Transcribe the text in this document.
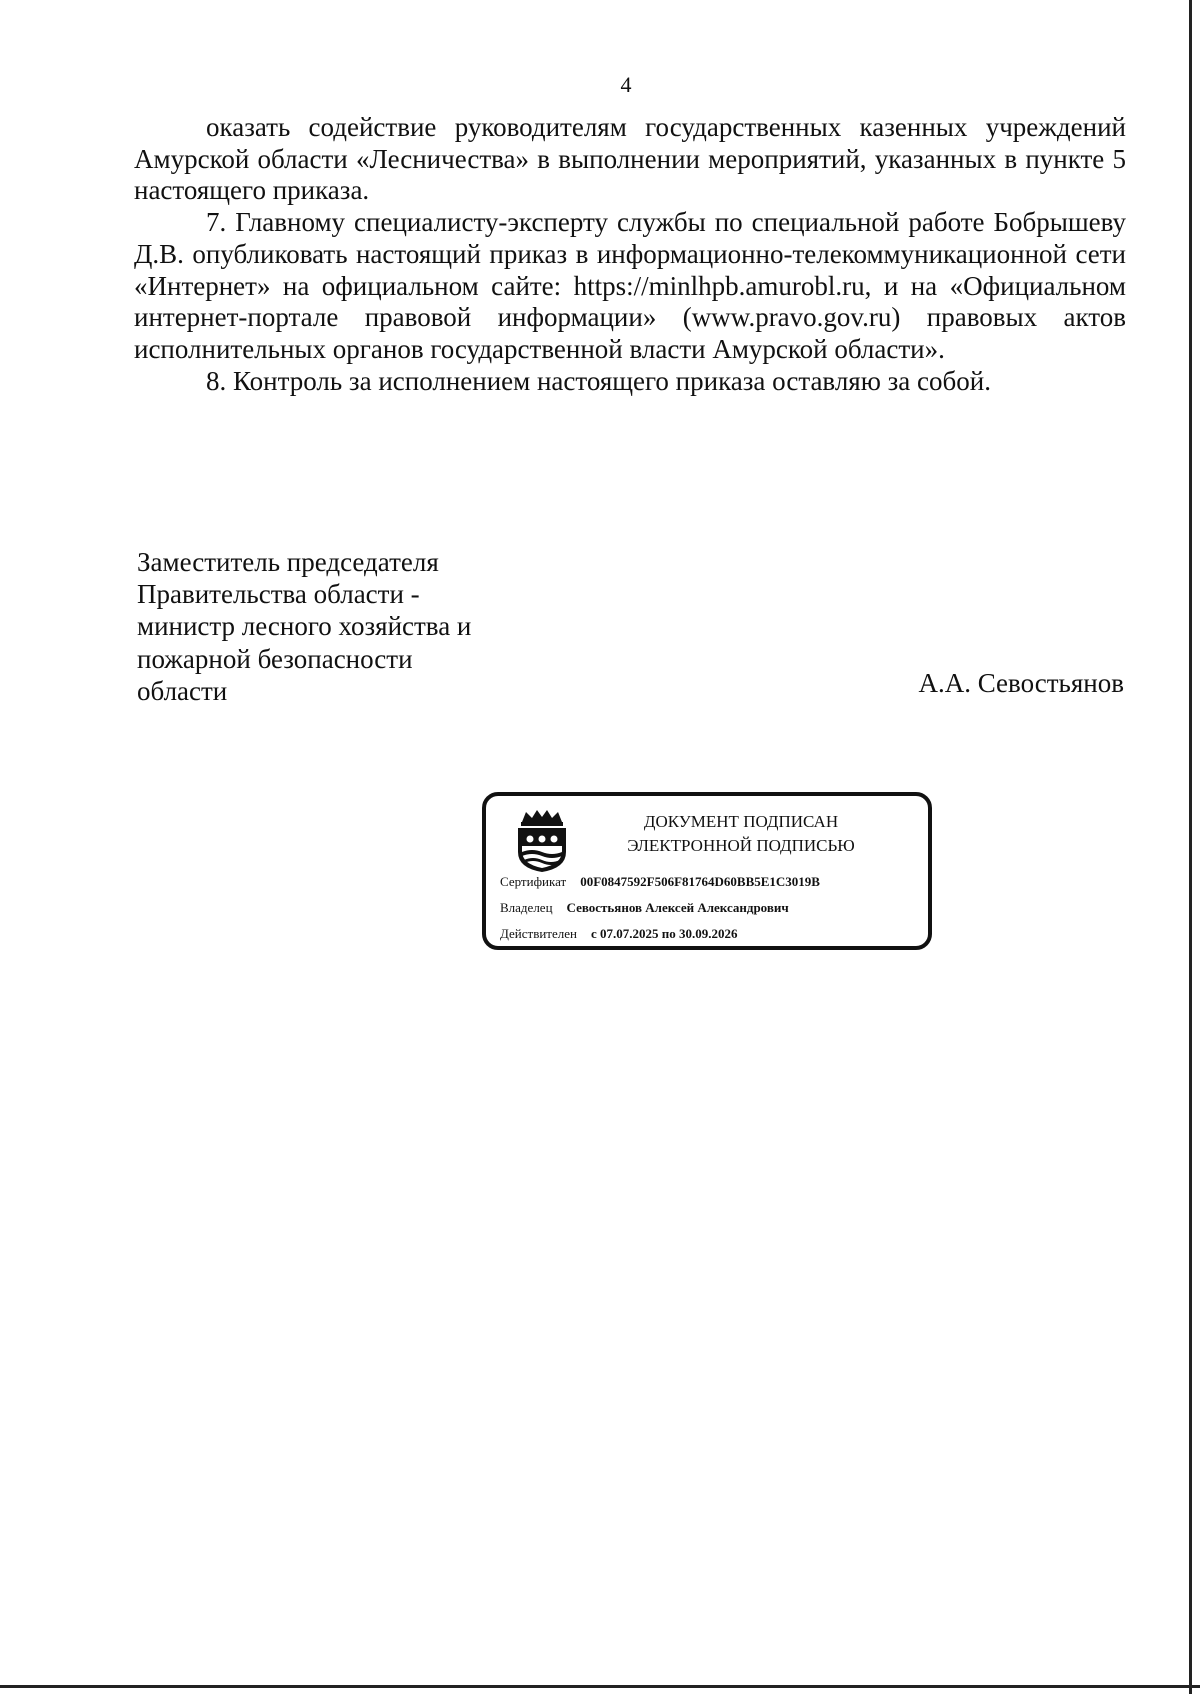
4

оказать содействие руководителям государственных казенных учреждений Амурской области «Лесничества» в выполнении мероприятий, указанных в пункте 5 настоящего приказа.

7. Главному специалисту-эксперту службы по специальной работе Бобрышеву Д.В. опубликовать настоящий приказ в информационно-телекоммуникационной сети «Интернет» на официальном сайте: https://minlhpb.amurobl.ru, и на «Официальном интернет-портале правовой информации» (www.pravo.gov.ru) правовых актов исполнительных органов государственной власти Амурской области».

8. Контроль за исполнением настоящего приказа оставляю за собой.

Заместитель председателя
Правительства области -
министр лесного хозяйства и
пожарной безопасности
области	А.А. Севостьянов
ДОКУМЕНТ ПОДПИСАН
ЭЛЕКТРОННОЙ ПОДПИСЬЮ
Сертификат 00F0847592F506F81764D60BB5E1C3019B
Владелец Севостьянов Алексей Александрович
Действителен с 07.07.2025 по 30.09.2026
